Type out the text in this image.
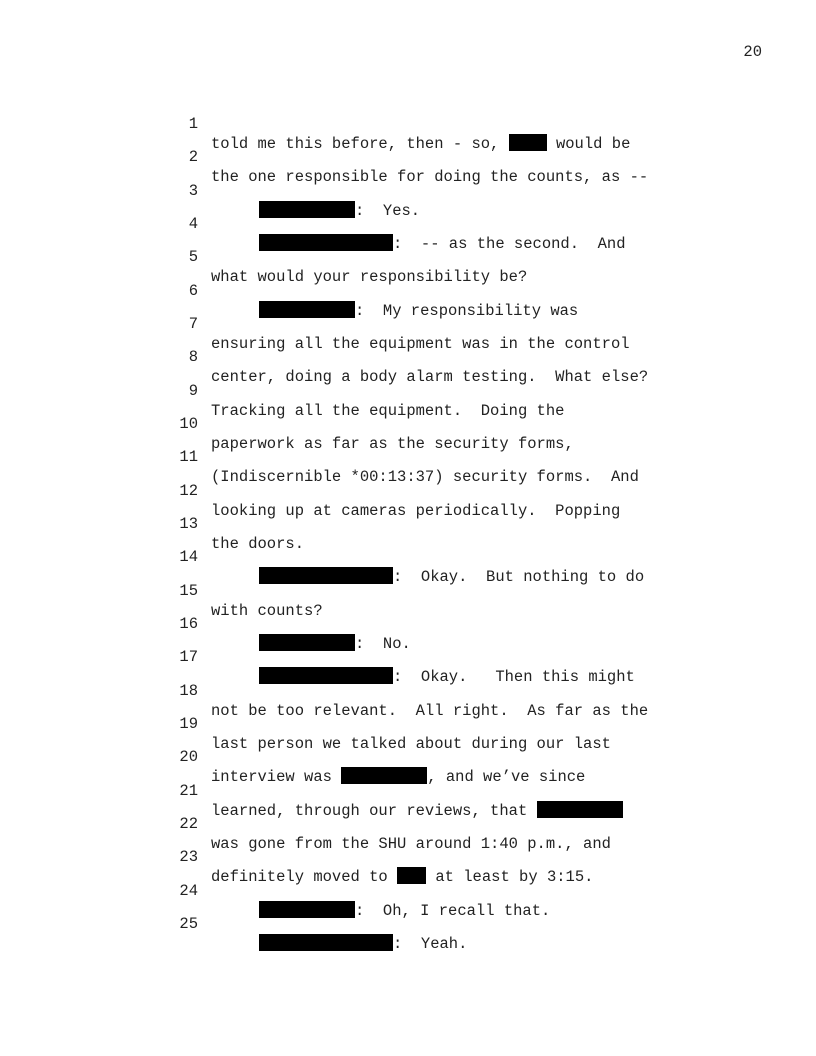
20

1

told me this before, then - so,  would be

2

the one responsible for doing the counts, as --

3

:  Yes.

4

:  -- as the second.  And

5

what would your responsibility be?

6

:  My responsibility was

7

ensuring all the equipment was in the control

8

center, doing a body alarm testing.  What else?

9

Tracking all the equipment.  Doing the

10

paperwork as far as the security forms,

11

(Indiscernible *00:13:37) security forms.  And

12

looking up at cameras periodically.  Popping

13

the doors.

14

:  Okay.  But nothing to do

15

with counts?

16

:  No.

17

:  Okay.   Then this might

18

not be too relevant.  All right.  As far as the

19

last person we talked about during our last

20

interview was	, and we’ve since

21

learned, through our reviews, that

22

was gone from the SHU around 1:40 p.m., and

23

definitely moved to  at least by 3:15.

24

:  Oh, I recall that.

25

:  Yeah.
